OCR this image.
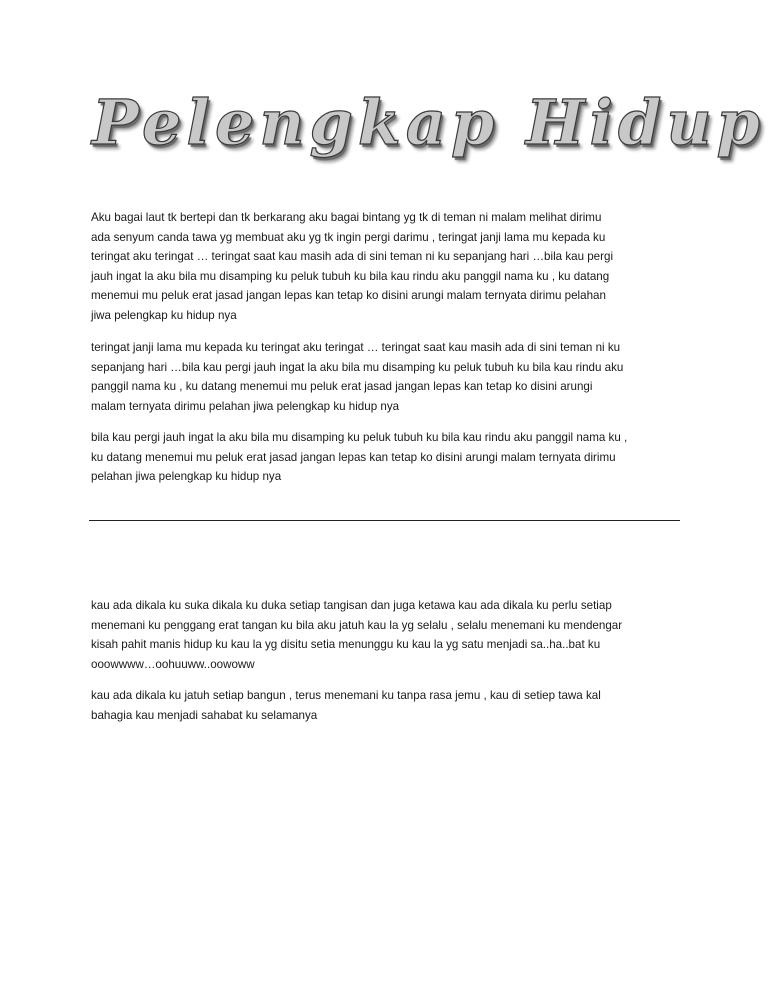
Pelengkap Hidup

Aku bagai laut tk bertepi dan tk berkarang aku bagai bintang yg tk di teman ni malam melihat dirimu
ada senyum canda tawa yg membuat aku yg tk ingin pergi darimu , teringat janji lama mu kepada ku
teringat aku teringat … teringat saat kau masih ada di sini teman ni ku sepanjang hari …bila kau pergi
jauh ingat la aku bila mu disamping ku peluk tubuh ku bila kau rindu aku panggil nama ku , ku datang
menemui mu peluk erat jasad jangan lepas kan tetap ko disini arungi malam ternyata dirimu pelahan
jiwa pelengkap ku hidup nya

teringat janji lama mu kepada ku teringat aku teringat … teringat saat kau masih ada di sini teman ni ku
sepanjang hari …bila kau pergi jauh ingat la aku bila mu disamping ku peluk tubuh ku bila kau rindu aku
panggil nama ku , ku datang menemui mu peluk erat jasad jangan lepas kan tetap ko disini arungi
malam ternyata dirimu pelahan jiwa pelengkap ku hidup nya

bila kau pergi jauh ingat la aku bila mu disamping ku peluk tubuh ku bila kau rindu aku panggil nama ku ,
ku datang menemui mu peluk erat jasad jangan lepas kan tetap ko disini arungi malam ternyata dirimu
pelahan jiwa pelengkap ku hidup nya

kau ada dikala ku suka dikala ku duka setiap tangisan dan juga ketawa kau ada dikala ku perlu setiap
menemani ku penggang erat tangan ku bila aku jatuh kau la yg selalu , selalu menemani ku mendengar
kisah pahit manis hidup ku kau la yg disitu setia menunggu ku kau la yg satu menjadi sa..ha..bat ku
ooowwww…oohuuww..oowoww

kau ada dikala ku jatuh setiap bangun , terus menemani ku tanpa rasa jemu , kau di setiep tawa kal
bahagia kau menjadi sahabat ku selamanya
